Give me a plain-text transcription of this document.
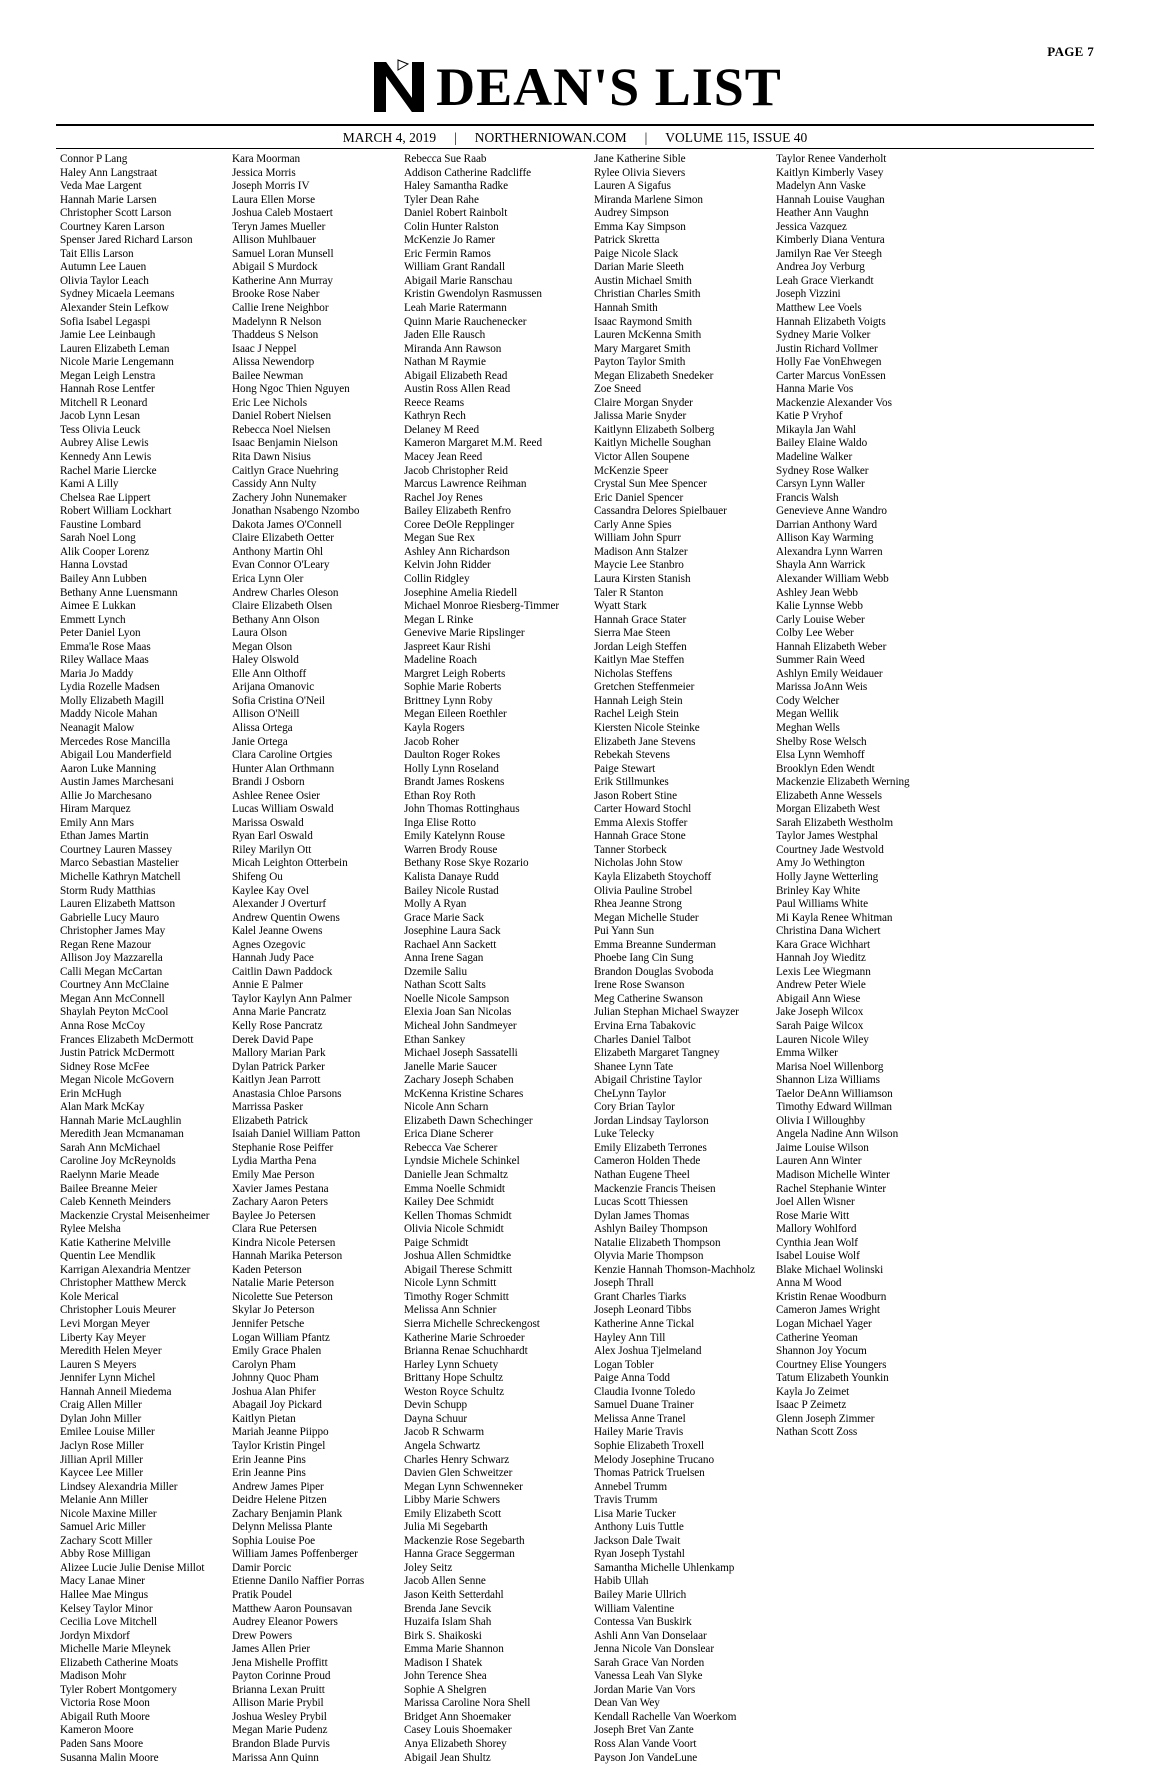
PAGE 7
DEAN'S LIST
MARCH 4, 2019	|	NORTHERNIOWAN.COM	|	VOLUME 115, ISSUE 40
Connor P Lang
Haley Ann Langstraat
Veda Mae Largent
Hannah Marie Larsen
Christopher Scott Larson
Courtney Karen Larson
Spenser Jared Richard Larson
Tait Ellis Larson
Autumn Lee Lauen
Olivia Taylor Leach
Sydney Micaela Leemans
Alexander Stein Lefkow
Sofia Isabel Legaspi
Jamie Lee Leinbaugh
Lauren Elizabeth Leman
Nicole Marie Lengemann
Megan Leigh Lenstra
Hannah Rose Lentfer
Mitchell R Leonard
Jacob Lynn Lesan
Tess Olivia Leuck
Aubrey Alise Lewis
Kennedy Ann Lewis
Rachel Marie Liercke
Kami A Lilly
Chelsea Rae Lippert
Robert William Lockhart
Faustine Lombard
Sarah Noel Long
Alik Cooper Lorenz
Hanna Lovstad
Bailey Ann Lubben
Bethany Anne Luensmann
Aimee E Lukkan
Emmett Lynch
Peter Daniel Lyon
Emma'le Rose Maas
Riley Wallace Maas
Maria Jo Maddy
Lydia Rozelle Madsen
Molly Elizabeth Magill
Maddy Nicole Mahan
Neanagit Malow
Mercedes Rose Mancilla
Abigail Lou Manderfield
Aaron Luke Manning
Austin James Marchesani
Allie Jo Marchesano
Hiram Marquez
Emily Ann Mars
Ethan James Martin
Courtney Lauren Massey
Marco Sebastian Mastelier
Michelle Kathryn Matchell
Storm Rudy Matthias
Lauren Elizabeth Mattson
Gabrielle Lucy Mauro
Christopher James May
Regan Rene Mazour
Allison Joy Mazzarella
Calli Megan McCartan
Courtney Ann McClaine
Megan Ann McConnell
Shaylah Peyton McCool
Anna Rose McCoy
Frances Elizabeth McDermott
Justin Patrick McDermott
Sidney Rose McFee
Megan Nicole McGovern
Erin McHugh
Alan Mark McKay
Hannah Marie McLaughlin
Meredith Jean Mcmanaman
Sarah Ann McMichael
Caroline Joy McReynolds
Raelynn Marie Meade
Bailee Breanne Meier
Caleb Kenneth Meinders
Mackenzie Crystal Meisenheimer
Rylee Melsha
Katie Katherine Melville
Quentin Lee Mendlik
Karrigan Alexandria Mentzer
Christopher Matthew Merck
Kole Merical
Christopher Louis Meurer
Levi Morgan Meyer
Liberty Kay Meyer
Meredith Helen Meyer
Lauren S Meyers
Jennifer Lynn Michel
Hannah Anneil Miedema
Craig Allen Miller
Dylan John Miller
Emilee Louise Miller
Jaclyn Rose Miller
Jillian April Miller
Kaycee Lee Miller
Lindsey Alexandria Miller
Melanie Ann Miller
Nicole Maxine Miller
Samuel Aric Miller
Zachary Scott Miller
Abby Rose Milligan
Alizee Lucie Julie Denise Millot
Macy Lanae Miner
Hallee Mae Mingus
Kelsey Taylor Minor
Cecilia Love Mitchell
Jordyn Mixdorf
Michelle Marie Mleynek
Elizabeth Catherine Moats
Madison Mohr
Tyler Robert Montgomery
Victoria Rose Moon
Abigail Ruth Moore
Kameron Moore
Paden Sans Moore
Susanna Malin Moore
Kara Moorman
Jessica Morris
Joseph Morris IV
Laura Ellen Morse
Joshua Caleb Mostaert
Teryn James Mueller
Allison Muhlbauer
Samuel Loran Munsell
Abigail S Murdock
Katherine Ann Murray
Brooke Rose Naber
Callie Irene Neighbor
Madelynn R Nelson
Thaddeus S Nelson
Isaac J Neppel
Alissa Newendorp
Bailee Newman
Hong Ngoc Thien Nguyen
Eric Lee Nichols
Daniel Robert Nielsen
Rebecca Noel Nielsen
Isaac Benjamin Nielson
Rita Dawn Nisius
Caitlyn Grace Nuehring
Cassidy Ann Nulty
Zachery John Nunemaker
Jonathan Nsabengo Nzombo
Dakota James O'Connell
Claire Elizabeth Oetter
Anthony Martin Ohl
Evan Connor O'Leary
Erica Lynn Oler
Andrew Charles Oleson
Claire Elizabeth Olsen
Bethany Ann Olson
Laura Olson
Megan Olson
Haley Olswold
Elle Ann Olthoff
Arijana Omanovic
Sofia Cristina O'Neil
Allison O'Neill
Alissa Ortega
Janie Ortega
Clara Caroline Ortgies
Hunter Alan Orthmann
Brandi J Osborn
Ashlee Renee Osier
Lucas William Oswald
Marissa Oswald
Ryan Earl Oswald
Riley Marilyn Ott
Micah Leighton Otterbein
Shifeng Ou
Kaylee Kay Ovel
Alexander J Overturf
Andrew Quentin Owens
Kalel Jeanne Owens
Agnes Ozegovic
Hannah Judy Pace
Caitlin Dawn Paddock
Annie E Palmer
Taylor Kaylyn Ann Palmer
Anna Marie Pancratz
Kelly Rose Pancratz
Derek David Pape
Mallory Marian Park
Dylan Patrick Parker
Kaitlyn Jean Parrott
Anastasia Chloe Parsons
Marrissa Pasker
Elizabeth Patrick
Isaiah Daniel William Patton
Stephanie Rose Peiffer
Lydia Martha Pena
Emily Mae Person
Xavier James Pestana
Zachary Aaron Peters
Baylee Jo Petersen
Clara Rue Petersen
Kindra Nicole Petersen
Hannah Marika Peterson
Kaden Peterson
Natalie Marie Peterson
Nicolette Sue Peterson
Skylar Jo Peterson
Jennifer Petsche
Logan William Pfantz
Emily Grace Phalen
Carolyn Pham
Johnny Quoc Pham
Joshua Alan Phifer
Abagail Joy Pickard
Kaitlyn Pietan
Mariah Jeanne Piippo
Taylor Kristin Pingel
Erin Jeanne Pins
Erin Jeanne Pins
Andrew James Piper
Deidre Helene Pitzen
Zachary Benjamin Plank
Delynn Melissa Plante
Sophia Louise Poe
William James Poffenberger
Damir Porcic
Etienne Danilo Naffier Porras
Pratik Poudel
Matthew Aaron Pounsavan
Audrey Eleanor Powers
Drew Powers
James Allen Prier
Jena Mishelle Proffitt
Payton Corinne Proud
Brianna Lexan Pruitt
Allison Marie Prybil
Joshua Wesley Prybil
Megan Marie Pudenz
Brandon Blade Purvis
Marissa Ann Quinn
Rebecca Sue Raab
Addison Catherine Radcliffe
Haley Samantha Radke
Tyler Dean Rahe
Daniel Robert Rainbolt
Colin Hunter Ralston
McKenzie Jo Ramer
Eric Fermin Ramos
William Grant Randall
Abigail Marie Ranschau
Kristin Gwendolyn Rasmussen
Leah Marie Ratermann
Quinn Marie Rauchenecker
Jaden Elle Rausch
Miranda Ann Rawson
Nathan M Raymie
Abigail Elizabeth Read
Austin Ross Allen Read
Reece Reams
Kathryn Rech
Delaney M Reed
Kameron Margaret M.M. Reed
Macey Jean Reed
Jacob Christopher Reid
Marcus Lawrence Reihman
Rachel Joy Renes
Bailey Elizabeth Renfro
Coree DeOle Repplinger
Megan Sue Rex
Ashley Ann Richardson
Kelvin John Ridder
Collin Ridgley
Josephine Amelia Riedell
Michael Monroe Riesberg-Timmer
Megan L Rinke
Genevive Marie Ripslinger
Jaspreet Kaur Rishi
Madeline Roach
Margret Leigh Roberts
Sophie Marie Roberts
Brittney Lynn Roby
Megan Eileen Roethler
Kayla Rogers
Jacob Roher
Daulton Roger Rokes
Holly Lynn Roseland
Brandt James Roskens
Ethan Roy Roth
John Thomas Rottinghaus
Inga Elise Rotto
Emily Katelynn Rouse
Warren Brody Rouse
Bethany Rose Skye Rozario
Kalista Danaye Rudd
Bailey Nicole Rustad
Molly A Ryan
Grace Marie Sack
Josephine Laura Sack
Rachael Ann Sackett
Anna Irene Sagan
Dzemile Saliu
Nathan Scott Salts
Noelle Nicole Sampson
Elexia Joan San Nicolas
Micheal John Sandmeyer
Ethan Sankey
Michael Joseph Sassatelli
Janelle Marie Saucer
Zachary Joseph Schaben
McKenna Kristine Schares
Nicole Ann Scharn
Elizabeth Dawn Schechinger
Erica Diane Scherer
Rebecca Vae Scherer
Lyndsie Michele Schinkel
Danielle Jean Schmaltz
Emma Noelle Schmidt
Kailey Dee Schmidt
Kellen Thomas Schmidt
Olivia Nicole Schmidt
Paige Schmidt
Joshua Allen Schmidtke
Abigail Therese Schmitt
Nicole Lynn Schmitt
Timothy Roger Schmitt
Melissa Ann Schnier
Sierra Michelle Schreckengost
Katherine Marie Schroeder
Brianna Renae Schuchhardt
Harley Lynn Schuety
Brittany Hope Schultz
Weston Royce Schultz
Devin Schupp
Dayna Schuur
Jacob R Schwarm
Angela Schwartz
Charles Henry Schwarz
Davien Glen Schweitzer
Megan Lynn Schwenneker
Libby Marie Schwers
Emily Elizabeth Scott
Julia Mi Segebarth
Mackenzie Rose Segebarth
Hanna Grace Seggerman
Joley Seitz
Jacob Allen Senne
Jason Keith Setterdahl
Brenda Jane Sevcik
Huzaifa Islam Shah
Birk S. Shaikoski
Emma Marie Shannon
Madison I Shatek
John Terence Shea
Sophie A Shelgren
Marissa Caroline Nora Shell
Bridget Ann Shoemaker
Casey Louis Shoemaker
Anya Elizabeth Shorey
Abigail Jean Shultz
Jane Katherine Sible
Rylee Olivia Sievers
Lauren A Sigafus
Miranda Marlene Simon
Audrey Simpson
Emma Kay Simpson
Patrick Skretta
Paige Nicole Slack
Darian Marie Sleeth
Austin Michael Smith
Christian Charles Smith
Hannah Smith
Isaac Raymond Smith
Lauren McKenna Smith
Mary Margaret Smith
Payton Taylor Smith
Megan Elizabeth Snedeker
Zoe Sneed
Claire Morgan Snyder
Jalissa Marie Snyder
Kaitlynn Elizabeth Solberg
Kaitlyn Michelle Soughan
Victor Allen Soupene
McKenzie Speer
Crystal Sun Mee Spencer
Eric Daniel Spencer
Cassandra Delores Spielbauer
Carly Anne Spies
William John Spurr
Madison Ann Stalzer
Maycie Lee Stanbro
Laura Kirsten Stanish
Taler R Stanton
Wyatt Stark
Hannah Grace Stater
Sierra Mae Steen
Jordan Leigh Steffen
Kaitlyn Mae Steffen
Nicholas Steffens
Gretchen Steffenmeier
Hannah Leigh Stein
Rachel Leigh Stein
Kiersten Nicole Steinke
Elizabeth Jane Stevens
Rebekah Stevens
Paige Stewart
Erik Stillmunkes
Jason Robert Stine
Carter Howard Stochl
Emma Alexis Stoffer
Hannah Grace Stone
Tanner Storbeck
Nicholas John Stow
Kayla Elizabeth Stoychoff
Olivia Pauline Strobel
Rhea Jeanne Strong
Megan Michelle Studer
Pui Yann Sun
Emma Breanne Sunderman
Phoebe Iang Cin Sung
Brandon Douglas Svoboda
Irene Rose Swanson
Meg Catherine Swanson
Julian Stephan Michael Swayzer
Ervina Erna Tabakovic
Charles Daniel Talbot
Elizabeth Margaret Tangney
Shanee Lynn Tate
Abigail Christine Taylor
CheLynn Taylor
Cory Brian Taylor
Jordan Lindsay Taylorson
Luke Telecky
Emily Elizabeth Terrones
Cameron Holden Thede
Nathan Eugene Theel
Mackenzie Francis Theisen
Lucas Scott Thiessen
Dylan James Thomas
Ashlyn Bailey Thompson
Natalie Elizabeth Thompson
Olyvia Marie Thompson
Kenzie Hannah Thomson-Machholz
Joseph Thrall
Grant Charles Tiarks
Joseph Leonard Tibbs
Katherine Anne Tickal
Hayley Ann Till
Alex Joshua Tjelmeland
Logan Tobler
Paige Anna Todd
Claudia Ivonne Toledo
Samuel Duane Trainer
Melissa Anne Tranel
Hailey Marie Travis
Sophie Elizabeth Troxell
Melody Josephine Trucano
Thomas Patrick Truelsen
Annebel Trumm
Travis Trumm
Lisa Marie Tucker
Anthony Luis Tuttle
Jackson Dale Twait
Ryan Joseph Tystahl
Samantha Michelle Uhlenkamp
Habib Ullah
Bailey Marie Ullrich
William Valentine
Contessa Van Buskirk
Ashli Ann Van Donselaar
Jenna Nicole Van Donslear
Sarah Grace Van Norden
Vanessa Leah Van Slyke
Jordan Marie Van Vors
Dean Van Wey
Kendall Rachelle Van Woerkom
Joseph Bret Van Zante
Ross Alan Vande Voort
Payson Jon VandeLune
Taylor Renee Vanderholt
Kaitlyn Kimberly Vasey
Madelyn Ann Vaske
Hannah Louise Vaughan
Heather Ann Vaughn
Jessica Vazquez
Kimberly Diana Ventura
Jamilyn Rae Ver Steegh
Andrea Joy Verburg
Leah Grace Vierkandt
Joseph Vizzini
Matthew Lee Voels
Hannah Elizabeth Voigts
Sydney Marie Volker
Justin Richard Vollmer
Holly Fae VonEhwegen
Carter Marcus VonEssen
Hanna Marie Vos
Mackenzie Alexander Vos
Katie P Vryhof
Mikayla Jan Wahl
Bailey Elaine Waldo
Madeline Walker
Sydney Rose Walker
Carsyn Lynn Waller
Francis Walsh
Genevieve Anne Wandro
Darrian Anthony Ward
Allison Kay Warming
Alexandra Lynn Warren
Shayla Ann Warrick
Alexander William Webb
Ashley Jean Webb
Kalie Lynnse Webb
Carly Louise Weber
Colby Lee Weber
Hannah Elizabeth Weber
Summer Rain Weed
Ashlyn Emily Weidauer
Marissa JoAnn Weis
Cody Welcher
Megan Wellik
Meghan Wells
Shelby Rose Welsch
Elsa Lynn Wemhoff
Brooklyn Eden Wendt
Mackenzie Elizabeth Werning
Elizabeth Anne Wessels
Morgan Elizabeth West
Sarah Elizabeth Westholm
Taylor James Westphal
Courtney Jade Westvold
Amy Jo Wethington
Holly Jayne Wetterling
Brinley Kay White
Paul Williams White
Mi Kayla Renee Whitman
Christina Dana Wichert
Kara Grace Wichhart
Hannah Joy Wieditz
Lexis Lee Wiegmann
Andrew Peter Wiele
Abigail Ann Wiese
Jake Joseph Wilcox
Sarah Paige Wilcox
Lauren Nicole Wiley
Emma Wilker
Marisa Noel Willenborg
Shannon Liza Williams
Taelor DeAnn Williamson
Timothy Edward Willman
Olivia I Willoughby
Angela Nadine Ann Wilson
Jaime Louise Wilson
Lauren Ann Winter
Madison Michelle Winter
Rachel Stephanie Winter
Joel Allen Wisner
Rose Marie Witt
Mallory Wohlford
Cynthia Jean Wolf
Isabel Louise Wolf
Blake Michael Wolinski
Anna M Wood
Kristin Renae Woodburn
Cameron James Wright
Logan Michael Yager
Catherine Yeoman
Shannon Joy Yocum
Courtney Elise Youngers
Tatum Elizabeth Younkin
Kayla Jo Zeimet
Isaac P Zeimetz
Glenn Joseph Zimmer
Nathan Scott Zoss
